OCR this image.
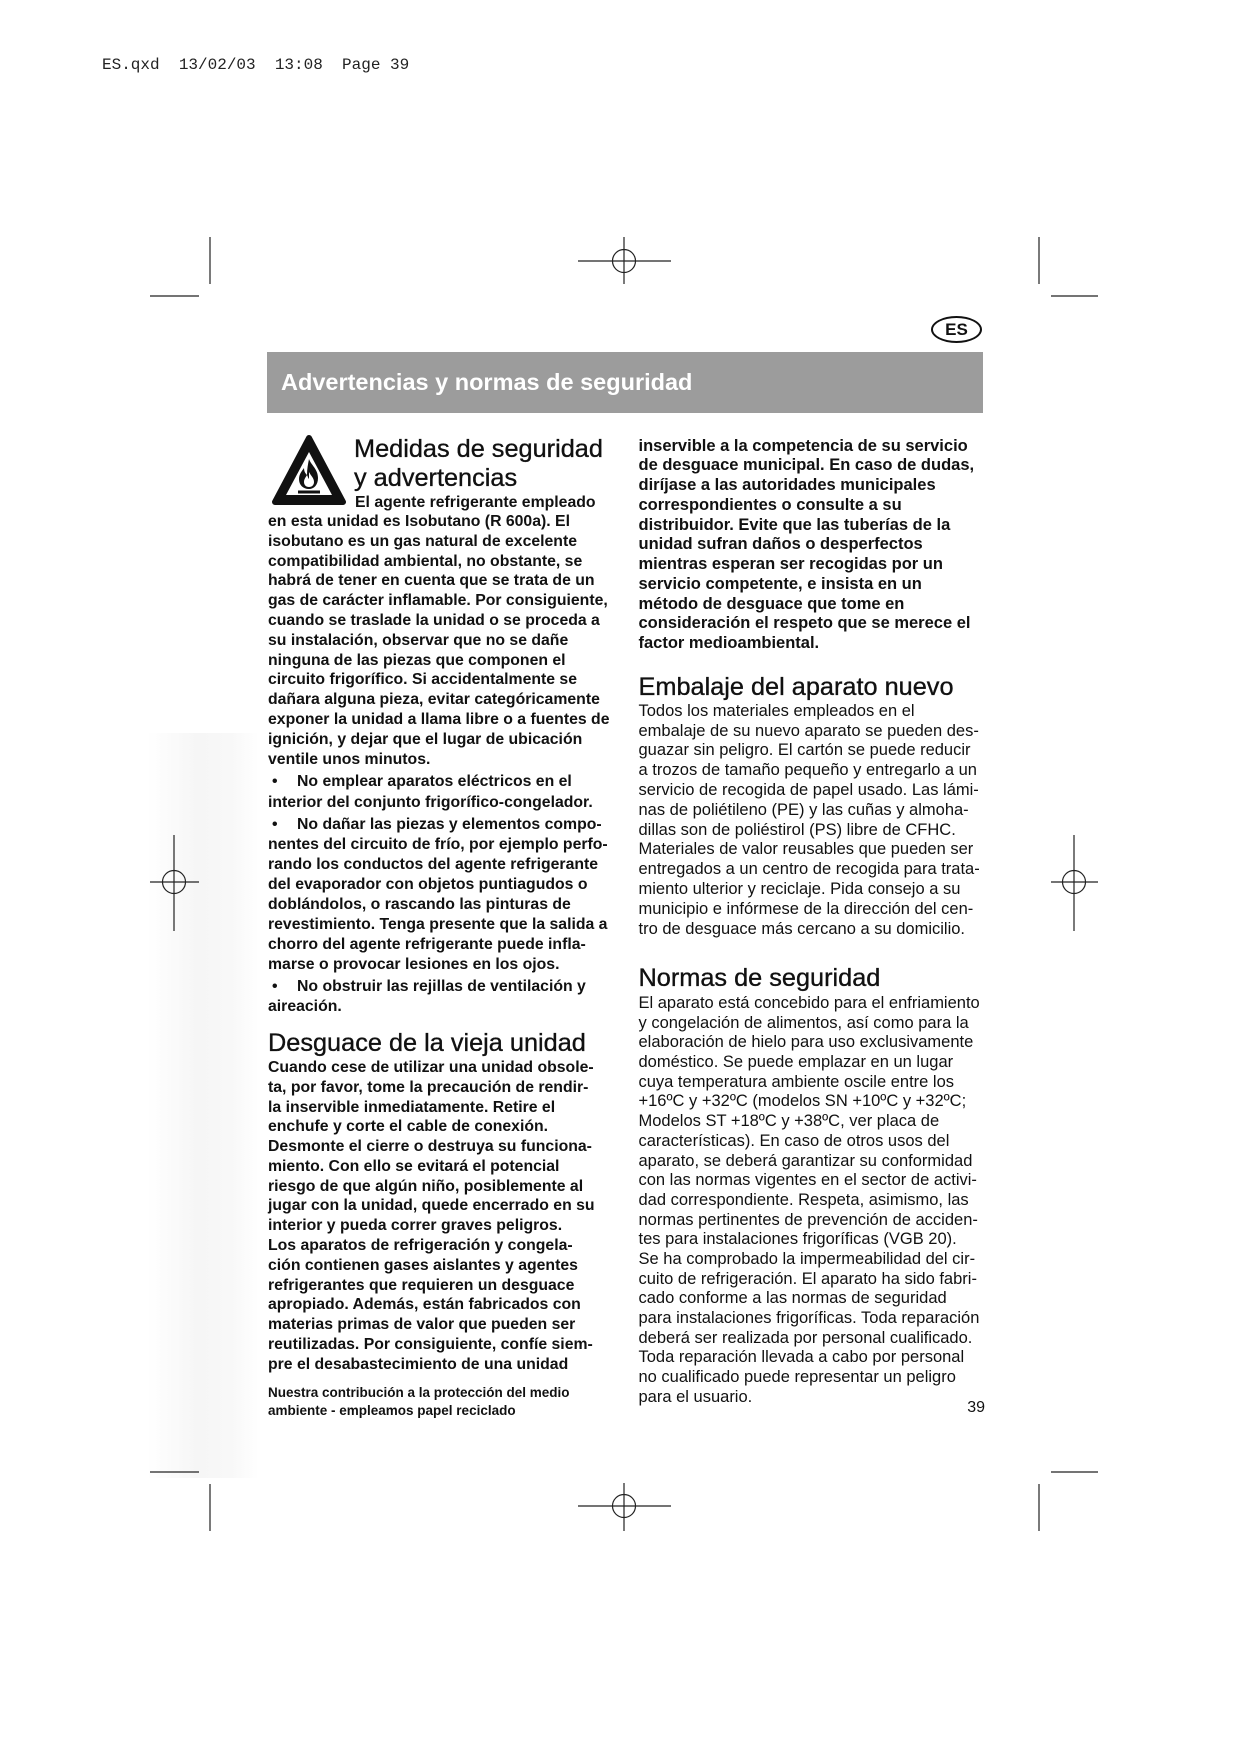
ES.qxd  13/02/03  13:08  Page 39
ES
Advertencias y normas de seguridad
Medidas de seguridad
y advertencias
El agente refrigerante empleado
en esta unidad es Isobutano (R 600a). El
isobutano es un gas natural de excelente
compatibilidad ambiental, no obstante, se
habrá de tener en cuenta que se trata de un
gas de carácter inflamable. Por consiguiente,
cuando se traslade la unidad o se proceda a
su instalación, observar que no se dañe
ninguna de las piezas que componen el
circuito frigorífico. Si accidentalmente se
dañara alguna pieza, evitar categóricamente
exponer la unidad a llama libre o a fuentes de
ignición, y dejar que el lugar de ubicación
ventile unos minutos.
• No emplear aparatos eléctricos en el
interior del conjunto frigorífico-congelador.
• No dañar las piezas y elementos compo-
nentes del circuito de frío, por ejemplo perfo-
rando los conductos del agente refrigerante
del evaporador con objetos puntiagudos o
doblándolos, o rascando las pinturas de
revestimiento. Tenga presente que la salida a
chorro del agente refrigerante puede infla-
marse o provocar lesiones en los ojos.
• No obstruir las rejillas de ventilación y
aireación.
Desguace de la vieja unidad
Cuando cese de utilizar una unidad obsole-
ta, por favor, tome la precaución de rendir-
la inservible inmediatamente. Retire el
enchufe y corte el cable de conexión.
Desmonte el cierre o destruya su funciona-
miento. Con ello se evitará el potencial
riesgo de que algún niño, posiblemente al
jugar con la unidad, quede encerrado en su
interior y pueda correr graves peligros.
Los aparatos de refrigeración y congela-
ción contienen gases aislantes y agentes
refrigerantes que requieren un desguace
apropiado. Además, están fabricados con
materias primas de valor que pueden ser
reutilizadas. Por consiguiente, confíe siem-
pre el desabastecimiento de una unidad
Nuestra contribución a la protección del medio
ambiente - empleamos papel reciclado
inservible a la competencia de su servicio
de desguace municipal. En caso de dudas,
diríjase a las autoridades municipales
correspondientes o consulte a su
distribuidor. Evite que las tuberías de la
unidad sufran daños o desperfectos
mientras esperan ser recogidas por un
servicio competente, e insista en un
método de desguace que tome en
consideración el respeto que se merece el
factor medioambiental.
Embalaje del aparato nuevo
Todos los materiales empleados en el
embalaje de su nuevo aparato se pueden des-
guazar sin peligro. El cartón se puede reducir
a trozos de tamaño pequeño y entregarlo a un
servicio de recogida de papel usado. Las lámi-
nas de poliétileno (PE) y las cuñas y almoha-
dillas son de poliéstirol (PS) libre de CFHC.
Materiales de valor reusables que pueden ser
entregados a un centro de recogida para trata-
miento ulterior y reciclaje. Pida consejo a su
municipio e infórmese de la dirección del cen-
tro de desguace más cercano a su domicilio.
Normas de seguridad
El aparato está concebido para el enfriamiento
y congelación de alimentos, así como para la
elaboración de hielo para uso exclusivamente
doméstico. Se puede emplazar en un lugar
cuya temperatura ambiente oscile entre los
+16ºC y +32ºC (modelos SN +10ºC y +32ºC;
Modelos ST +18ºC y +38ºC, ver placa de
características). En caso de otros usos del
aparato, se deberá garantizar su conformidad
con las normas vigentes en el sector de activi-
dad correspondiente. Respeta, asimismo, las
normas pertinentes de prevención de acciden-
tes para instalaciones frigoríficas (VGB 20).
Se ha comprobado la impermeabilidad del cir-
cuito de refrigeración. El aparato ha sido fabri-
cado conforme a las normas de seguridad
para instalaciones frigoríficas. Toda reparación
deberá ser realizada por personal cualificado.
Toda reparación llevada a cabo por personal
no cualificado puede representar un peligro
para el usuario.
39
